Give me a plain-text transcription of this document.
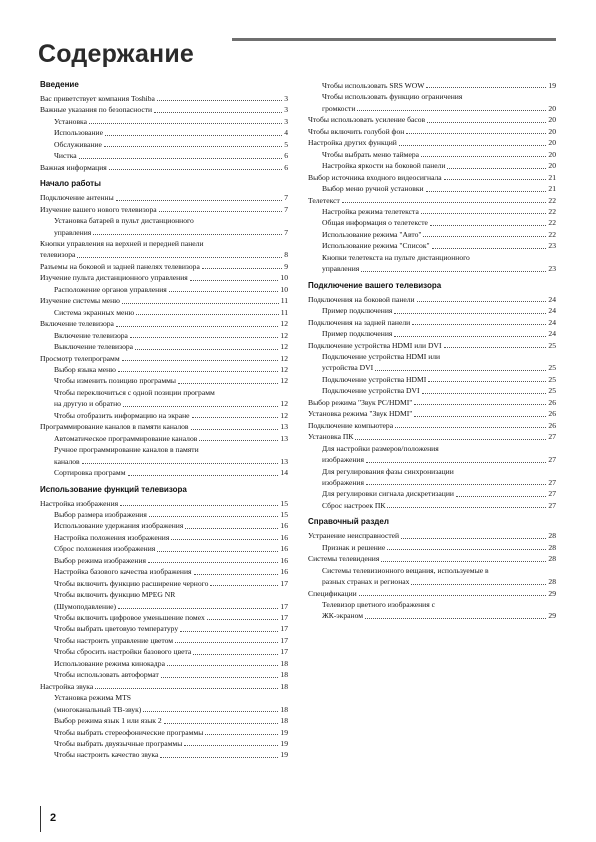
Содержание
Введение
Вас приветствует компания Toshiba	3
Важные указания по безопасности	3
Установка	3
Использование	4
Обслуживание	5
Чистка	6
Важная информация	6
Начало работы
Подключение антенны	7
Изучение вашего нового телевизора	7
Установка батарей в пульт дистанционного
управления	7
Кнопки управления на верхней и передней панели
телевизора	8
Разъемы на боковой и задней панелях телевизора	9
Изучение пульта дистанционного управления	10
Расположение органов управления	10
Изучение системы меню	11
Система экранных меню	11
Включение телевизора	12
Включение телевизора	12
Выключение телевизора	12
Просмотр телепрограмм	12
Выбор языка меню	12
Чтобы изменить позицию программы	12
Чтобы переключиться с одной позиции программ
на другую и обратно	12
Чтобы отобразить информацию на экране	12
Программирование каналов в памяти каналов	13
Автоматическое программирование каналов	13
Ручное программирование каналов в памяти
каналов	13
Сортировка программ	14
Использование функций телевизора
Настройка изображения	15
Выбор размера изображения	15
Использование удержания изображения	16
Настройка положения изображения	16
Сброс положения изображения	16
Выбор режима изображения	16
Настройка базового качества изображения	16
Чтобы включить функцию расширение черного	17
Чтобы включить функцию MPEG NR
(Шумоподавление)	17
Чтобы включить цифровое уменьшение помех	17
Чтобы выбрать цветовую температуру	17
Чтобы настроить управление цветом	17
Чтобы сбросить настройки базового цвета	17
Использование режима кинокадра	18
Чтобы использовать автоформат	18
Настройка звука	18
Установка режима MTS
(многоканальный ТВ-звук)	18
Выбор режима язык 1 или язык 2	18
Чтобы выбрать стереофонические программы	19
Чтобы выбрать двуязычные программы	19
Чтобы настроить качество звука	19
Чтобы использовать SRS WOW	19
Чтобы использовать функцию ограничения
громкости	20
Чтобы использовать усиление басов	20
Чтобы включить голубой фон	20
Настройка других функций	20
Чтобы выбрать меню таймера	20
Настройка яркости на боковой панели	20
Выбор источника входного видеосигнала	21
Выбор меню ручной установки	21
Телетекст	22
Настройка режима телетекста	22
Общая информация о телетексте	22
Использование режима "Авто"	22
Использование режима "Список"	23
Кнопки телетекста на пульте дистанционного
управления	23
Подключение вашего телевизора
Подключения на боковой панели	24
Пример подключения	24
Подключения на задней панели	24
Пример подключения	24
Подключение устройства HDMI или DVI	25
Подключение устройства HDMI или
устройства DVI	25
Подключение устройства HDMI	25
Подключение устройства DVI	25
Выбор режима "Звук PC/HDMI"	26
Установка режима "Звук HDMI"	26
Подключение компьютера	26
Установка ПК	27
Для настройки размеров/положения
изображения	27
Для регулирования фазы синхронизации
изображения	27
Для регулировки сигнала дискретизации	27
Сброс настроек ПК	27
Справочный раздел
Устранение неисправностей	28
Признак и решение	28
Системы телевидения	28
Системы телевизионного вещания, используемые в
разных странах и регионах	28
Спецификации	29
Телевизор цветного изображения с
ЖК-экраном	29
2
